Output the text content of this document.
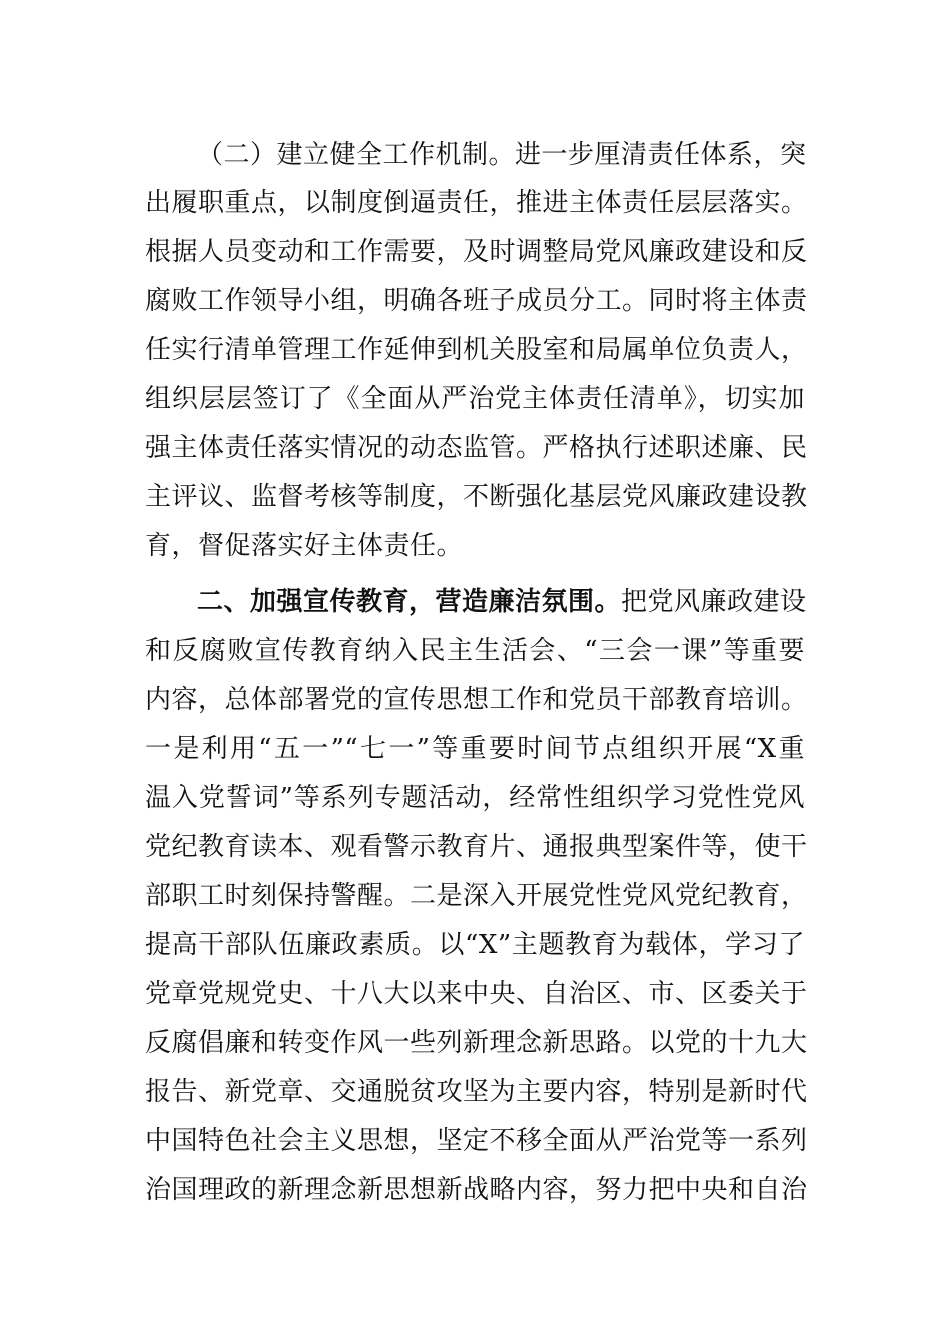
（二）建立健全工作机制。进一步厘清责任体系，突
出履职重点，以制度倒逼责任，推进主体责任层层落实。
根据人员变动和工作需要，及时调整局党风廉政建设和反
腐败工作领导小组，明确各班子成员分工。同时将主体责
任实行清单管理工作延伸到机关股室和局属单位负责人，
组织层层签订了《全面从严治党主体责任清单》，切实加
强主体责任落实情况的动态监管。严格执行述职述廉、民
主评议、监督考核等制度，不断强化基层党风廉政建设教
育，督促落实好主体责任。
二、加强宣传教育，营造廉洁氛围。把党风廉政建设
和反腐败宣传教育纳入民主生活会、“三会一课”等重要
内容，总体部署党的宣传思想工作和党员干部教育培训。
一是利用“五一”“七一”等重要时间节点组织开展“X重
温入党誓词”等系列专题活动，经常性组织学习党性党风
党纪教育读本、观看警示教育片、通报典型案件等，使干
部职工时刻保持警醒。二是深入开展党性党风党纪教育，
提高干部队伍廉政素质。以“X”主题教育为载体，学习了
党章党规党史、十八大以来中央、自治区、市、区委关于
反腐倡廉和转变作风一些列新理念新思路。以党的十九大
报告、新党章、交通脱贫攻坚为主要内容，特别是新时代
中国特色社会主义思想，坚定不移全面从严治党等一系列
治国理政的新理念新思想新战略内容，努力把中央和自治
